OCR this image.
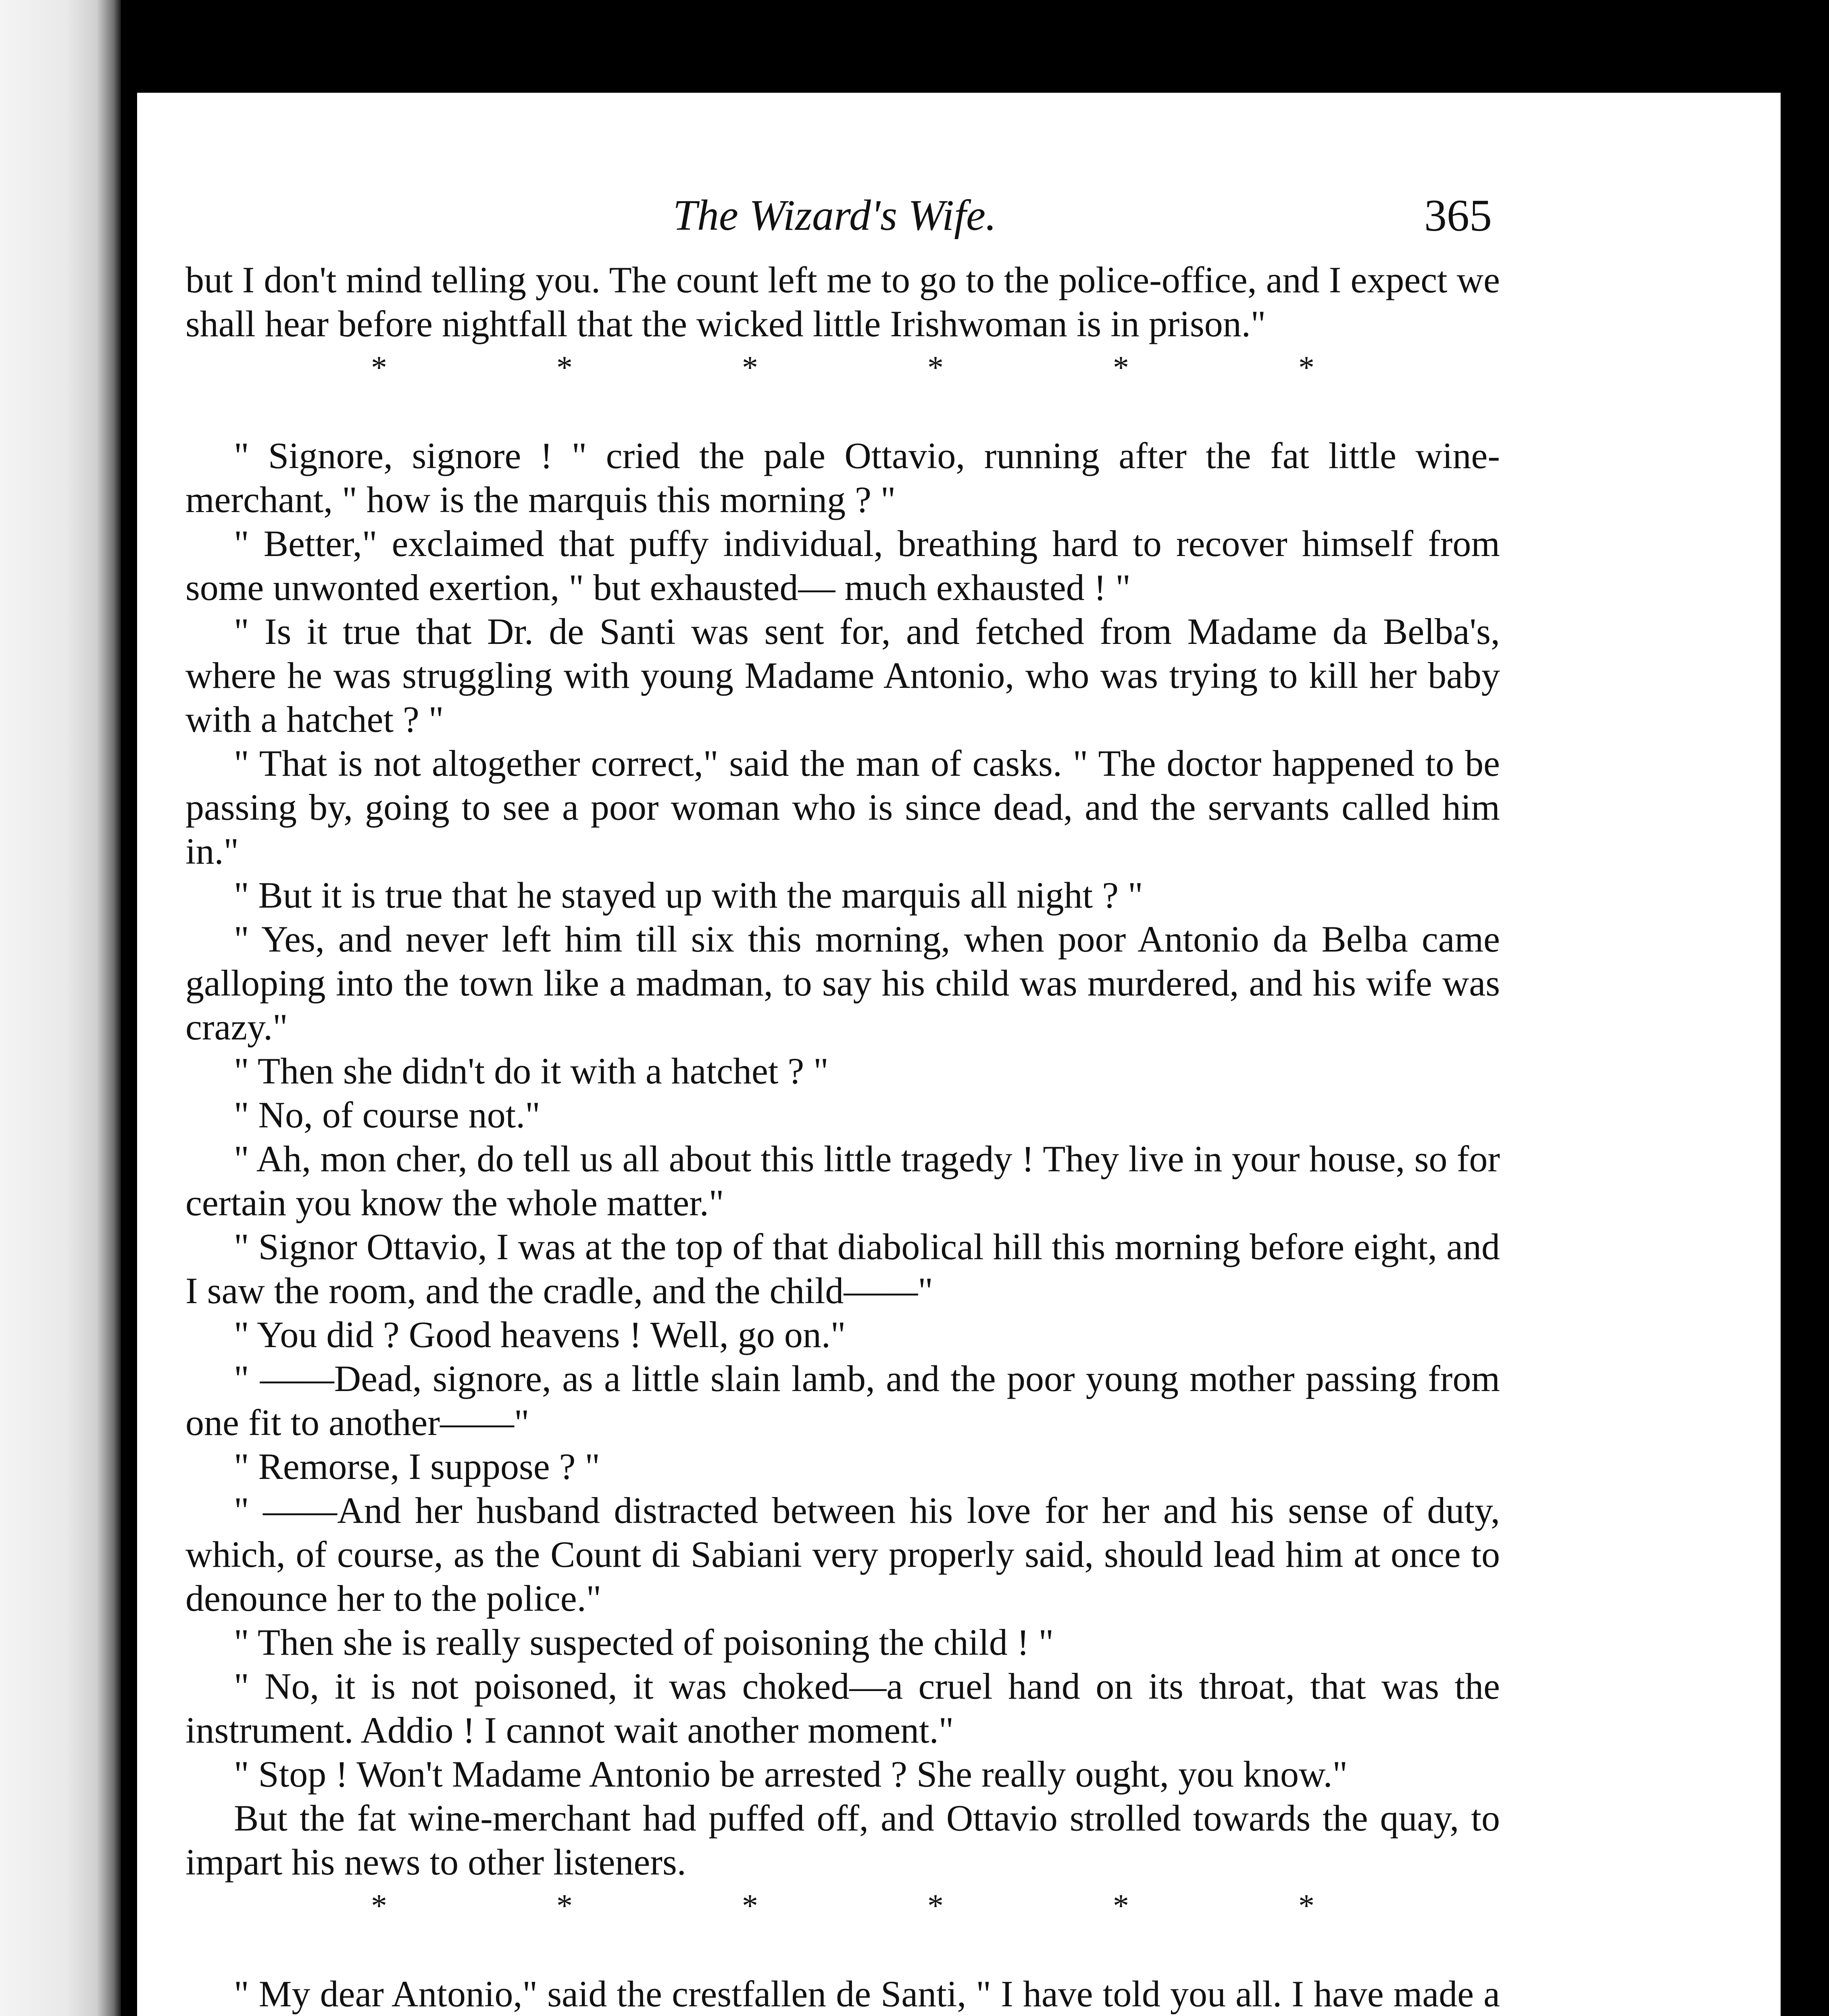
The Wizard's Wife.	365

but I don't mind telling you. The count left me to go to the police-office, and I expect we shall hear before nightfall that the wicked little Irishwoman is in prison."

*	*	*	*	*	*

" Signore, signore ! " cried the pale Ottavio, running after the fat little wine-merchant, " how is the marquis this morning ? "

" Better," exclaimed that puffy individual, breathing hard to recover himself from some unwonted exertion, " but exhausted— much exhausted ! "

" Is it true that Dr. de Santi was sent for, and fetched from Madame da Belba's, where he was struggling with young Madame Antonio, who was trying to kill her baby with a hatchet ? "

" That is not altogether correct," said the man of casks. " The doctor happened to be passing by, going to see a poor woman who is since dead, and the servants called him in."

" But it is true that he stayed up with the marquis all night ? "

" Yes, and never left him till six this morning, when poor Antonio da Belba came galloping into the town like a madman, to say his child was murdered, and his wife was crazy."

" Then she didn't do it with a hatchet ? "

" No, of course not."

" Ah, mon cher, do tell us all about this little tragedy ! They live in your house, so for certain you know the whole matter."

" Signor Ottavio, I was at the top of that diabolical hill this morning before eight, and I saw the room, and the cradle, and the child——"

" You did ? Good heavens ! Well, go on."

" ——Dead, signore, as a little slain lamb, and the poor young mother passing from one fit to another——"

" Remorse, I suppose ? "

" ——And her husband distracted between his love for her and his sense of duty, which, of course, as the Count di Sabiani very properly said, should lead him at once to denounce her to the police."

" Then she is really suspected of poisoning the child ! "

" No, it is not poisoned, it was choked—a cruel hand on its throat, that was the instrument. Addio ! I cannot wait another moment."

" Stop ! Won't Madame Antonio be arrested ? She really ought, you know."

But the fat wine-merchant had puffed off, and Ottavio strolled towards the quay, to impart his news to other listeners.

*	*	*	*	*	*

" My dear Antonio," said the crestfallen de Santi, " I have told you all. I have made a
